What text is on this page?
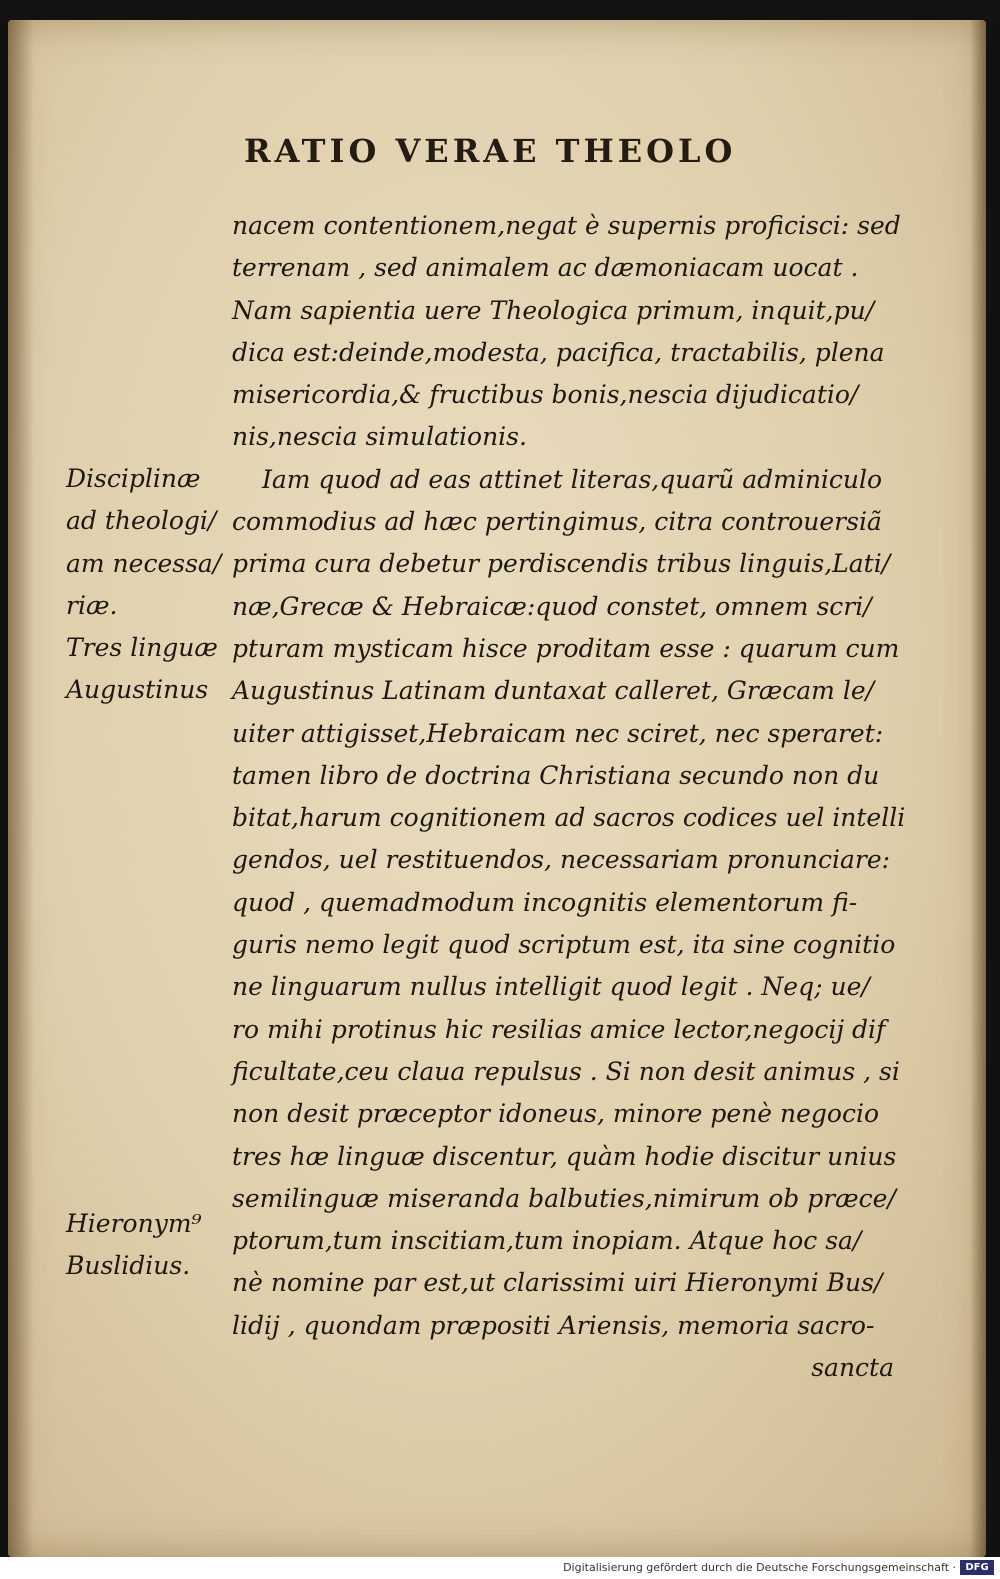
RATIO VERAE THEOLO
nacem contentionem,negat è supernis proficisci: sed
terrenam , sed animalem ac dæmoniacam uocat .
Nam sapientia uere Theologica primum, inquit,pu/
dica est:deinde,modesta, pacifica, tractabilis, plena
misericordia,& fructibus bonis,nescia dijudicatio/
nis,nescia simulationis.
Iam quod ad eas attinet literas,quarũ adminiculo
commodius ad hæc pertingimus, citra controuersiã
prima cura debetur perdiscendis tribus linguis,Lati/
næ,Grecæ & Hebraicæ:quod constet, omnem scri/
pturam mysticam hisce proditam esse : quarum cum
Augustinus Latinam duntaxat calleret, Græcam le/
uiter attigisset,Hebraicam nec sciret, nec speraret:
tamen libro de doctrina Christiana secundo non du
bitat,harum cognitionem ad sacros codices uel intelli
gendos, uel restituendos, necessariam pronunciare:
quod , quemadmodum incognitis elementorum fi-
guris nemo legit quod scriptum est, ita sine cognitio
ne linguarum nullus intelligit quod legit . Neq; ue/
ro mihi protinus hic resilias amice lector,negocij dif
ficultate,ceu claua repulsus . Si non desit animus , si
non desit præceptor idoneus, minore penè negocio
tres hæ linguæ discentur, quàm hodie discitur unius
semilinguæ miseranda balbuties,nimirum ob præce/
ptorum,tum inscitiam,tum inopiam. Atque hoc sa/
nè nomine par est,ut clarissimi uiri Hieronymi Bus/
lidij , quondam præpositi Ariensis, memoria sacro-
sancta
Disciplinæ
ad theologi/
am necessa/
riæ.
Tres linguæ
Augustinus
Hieronym⁹
Buslidius.
Digitalisierung gefördert durch die Deutsche Forschungsgemeinschaft · DFG
